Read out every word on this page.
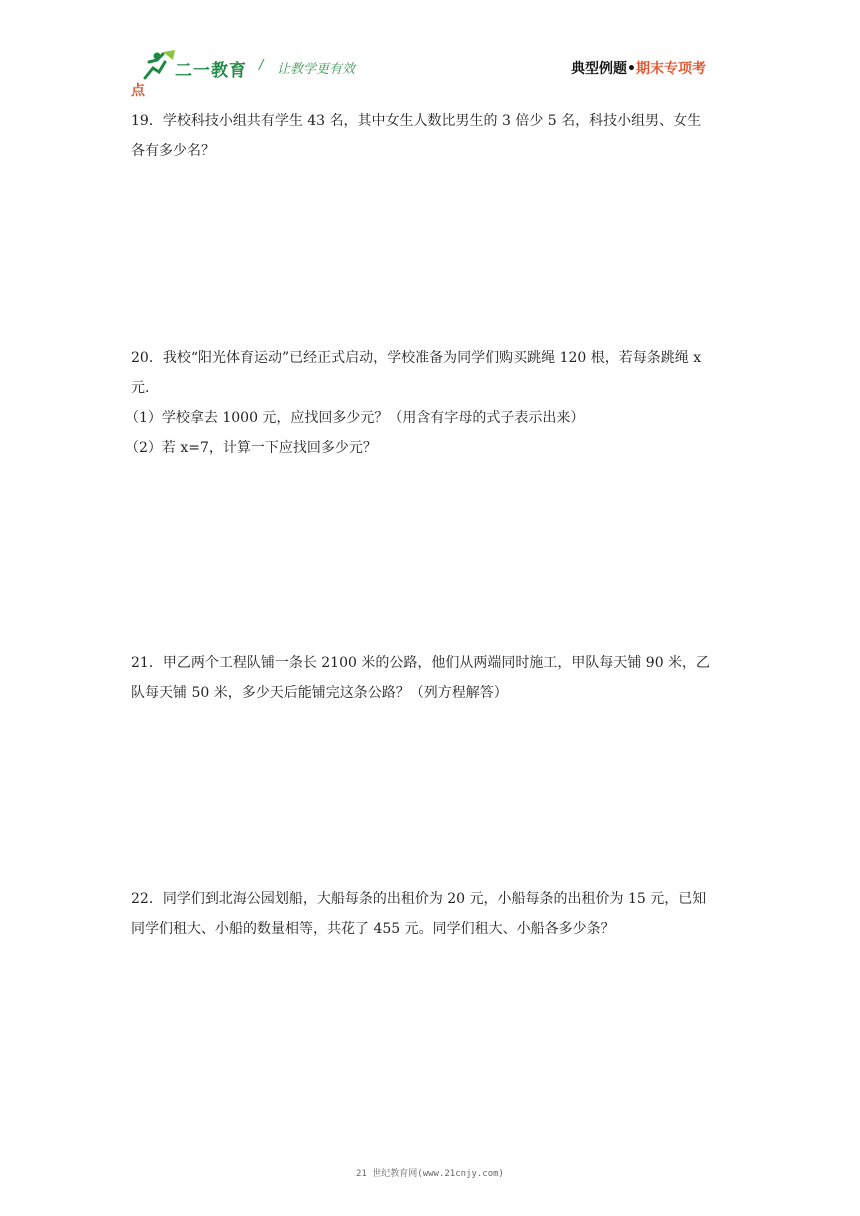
二一教育 / 让教学更有效	典型例题•期末专项考
点

19．学校科技小组共有学生 43 名，其中女生人数比男生的 3 倍少 5 名，科技小组男、女生

各有多少名？

20．我校“阳光体育运动”已经正式启动，学校准备为同学们购买跳绳 120 根，若每条跳绳 x

元．

（1）学校拿去 1000 元，应找回多少元？（用含有字母的式子表示出来）

（2）若 x=7，计算一下应找回多少元？

21．甲乙两个工程队铺一条长 2100 米的公路，他们从两端同时施工，甲队每天铺 90 米，乙

队每天铺 50 米，多少天后能铺完这条公路？（列方程解答）

22．同学们到北海公园划船，大船每条的出租价为 20 元，小船每条的出租价为 15 元，已知

同学们租大、小船的数量相等，共花了 455 元。同学们租大、小船各多少条？

21 世纪教育网(www.21cnjy.com)
